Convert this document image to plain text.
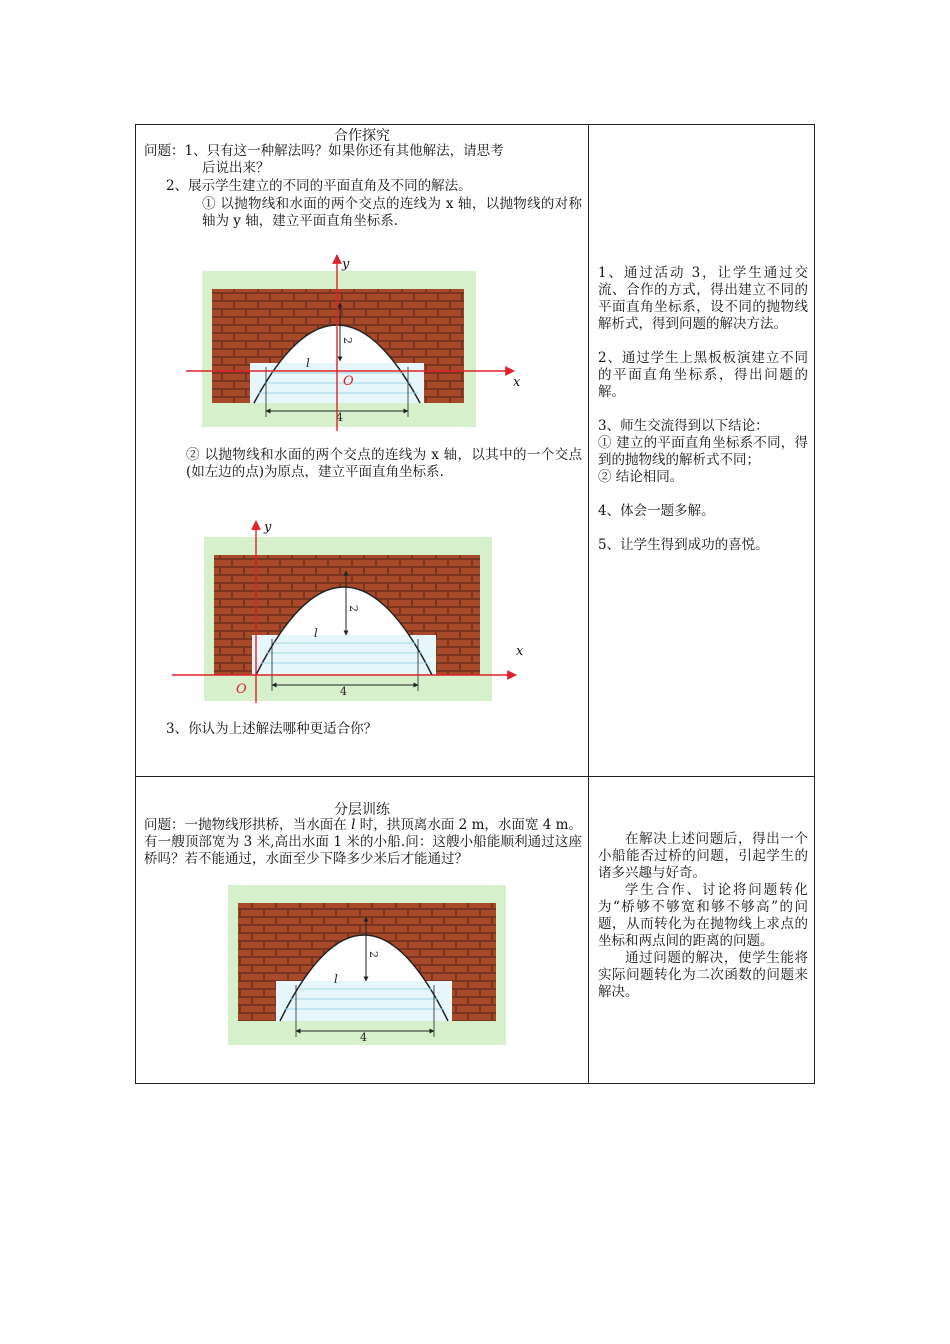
合作探究
问题：1、只有这一种解法吗？如果你还有其他解法，请思考
后说出来？
2、展示学生建立的不同的平面直角及不同的解法。
① 以抛物线和水面的两个交点的连线为 x 轴，以抛物线的对称轴为 y 轴，建立平面直角坐标系.
4
2
l
y
x
O
② 以抛物线和水面的两个交点的连线为 x 轴，以其中的一个交点(如左边的点)为原点，建立平面直角坐标系.
4
2
l
y
x
O
3、你认为上述解法哪种更适合你？

1、通过活动 3，让学生通过交流、合作的方式，得出建立不同的平面直角坐标系，设不同的抛物线解析式，得到问题的解决方法。

2、通过学生上黑板板演建立不同的平面直角坐标系，得出问题的解。

3、师生交流得到以下结论：
① 建立的平面直角坐标系不同，得到的抛物线的解析式不同；

② 结论相同。

4、体会一题多解。

5、让学生得到成功的喜悦。

分层训练
问题：一抛物线形拱桥，当水面在 l 时，拱顶离水面 2 m，水面宽 4 m。有一艘顶部宽为 3 米,高出水面 1 米的小船.问：这艘小船能顺利通过这座桥吗？若不能通过，水面至少下降多少米后才能通过？
4
2
l

在解决上述问题后，得出一个小船能否过桥的问题，引起学生的诸多兴趣与好奇。

学生合作、讨论将问题转化为“桥够不够宽和够不够高”的问题，从而转化为在抛物线上求点的坐标和两点间的距离的问题。

通过问题的解决，使学生能将实际问题转化为二次函数的问题来解决。
